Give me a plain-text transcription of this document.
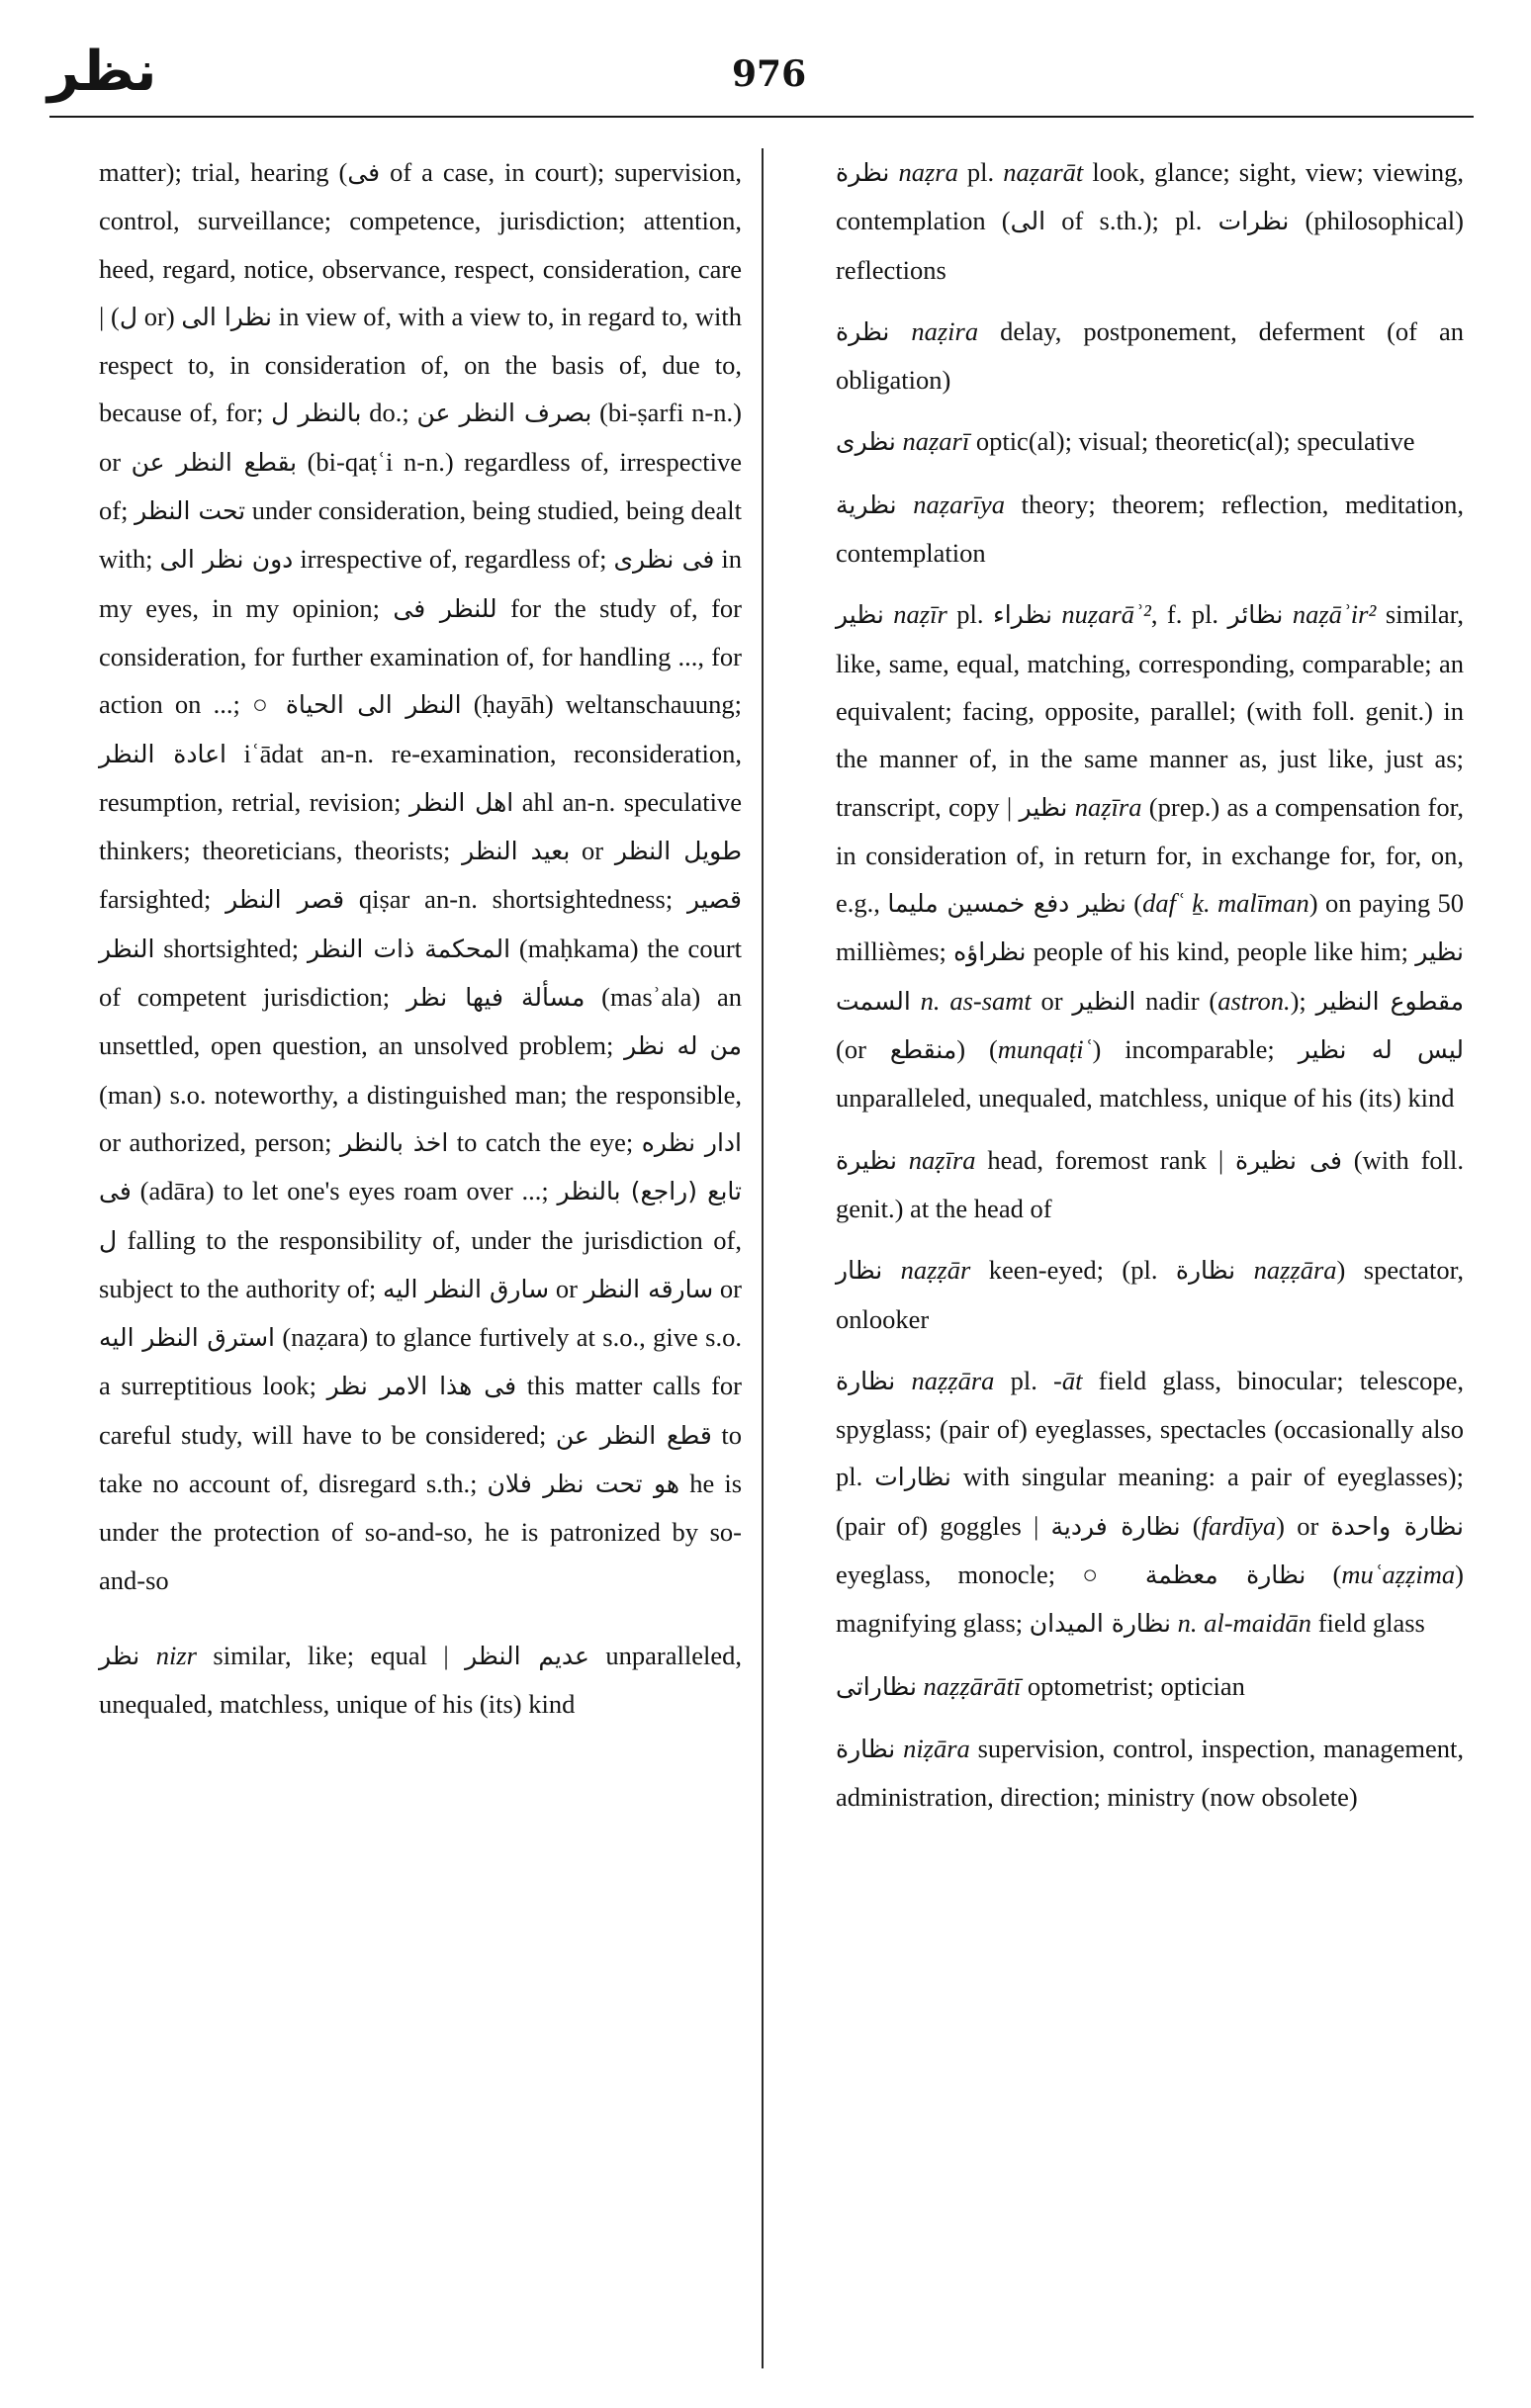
نظر	976

matter); trial, hearing (ﻓﻰ of a case, in court); supervision, control, surveillance; competence, jurisdiction; attention, heed, regard, notice, observance, respect, consideration, care | (ل or) ﻧﻈﺮا اﻟﻰ in view of, with a view to, in regard to, with respect to, in consideration of, on the basis of, due to, because of, for; ﺑﺎﻟﻨﻈﺮ ل do.; ﺑﺼﺮف اﻟﻨﻈﺮ ﻋﻦ (bi-ṣarfi n-n.) or ﺑﻘﻄﻊ اﻟﻨﻈﺮ ﻋﻦ (bi-qaṭʿi n-n.) regardless of, irrespective of; ﺗﺤﺖ اﻟﻨﻈﺮ under consideration, being studied, being dealt with; دون ﻧﻈﺮ اﻟﻰ irrespective of, regardless of; ﻓﻰ ﻧﻈﺮى in my eyes, in my opinion; ﻟﻠﻨﻈﺮ ﻓﻰ for the study of, for consideration, for further examination of, for handling ..., for action on ...; ○ اﻟﻨﻈﺮ اﻟﻰ اﻟﺤﻴﺎة (ḥayāh) weltanschauung; اﻋﺎدة اﻟﻨﻈﺮ iʿādat an-n. re-examination, reconsideration, resumption, retrial, revision; اﻫﻞ اﻟﻨﻈﺮ ahl an-n. speculative thinkers; theoreticians, theorists; ﺑﻌﻴﺪ اﻟﻨﻈﺮ or ﻃﻮﻳﻞ اﻟﻨﻈﺮ farsighted; ﻗﺼﺮ اﻟﻨﻈﺮ qiṣar an-n. shortsightedness; ﻗﺼﻴﺮ اﻟﻨﻈﺮ shortsighted; اﻟﻤﺤﻜﻤﺔ ذات اﻟﻨﻈﺮ (maḥkama) the court of competent jurisdiction; ﻣﺴﺄﻟﺔ ﻓﻴﻬﺎ ﻧﻈﺮ (masʾala) an unsettled, open question, an unsolved problem; ﻣﻦ ﻟﻪ ﻧﻈﺮ (man) s.o. noteworthy, a distinguished man; the responsible, or authorized, person; اﺧﺬ ﺑﺎﻟﻨﻈﺮ to catch the eye; ادار ﻧﻈﺮه ﻓﻰ (adāra) to let one's eyes roam over ...; ﺗﺎﺑﻊ (راﺟﻊ) ﺑﺎﻟﻨﻈﺮ ل falling to the responsibility of, under the jurisdiction of, subject to the authority of; ﺳﺎرق اﻟﻨﻈﺮ اﻟﻴﻪ or ﺳﺎرﻗﻪ اﻟﻨﻈﺮ or اﺳﺘﺮق اﻟﻨﻈﺮ اﻟﻴﻪ (naẓara) to glance furtively at s.o., give s.o. a surreptitious look; ﻓﻰ ﻫﺬا اﻻﻣﺮ ﻧﻈﺮ this matter calls for careful study, will have to be considered; ﻗﻄﻊ اﻟﻨﻈﺮ ﻋﻦ to take no account of, disregard s.th.; ﻫﻮ ﺗﺤﺖ ﻧﻈﺮ ﻓﻼن he is under the protection of so-and-so, he is patronized by so-and-so

ﻧﻈﺮ nizr similar, like; equal | ﻋﺪﻳﻢ اﻟﻨﻈﺮ unparalleled, unequaled, matchless, unique of his (its) kind

ﻧﻈﺮة naẓra pl. naẓarāt look, glance; sight, view; viewing, contemplation (اﻟﻰ of s.th.); pl. ﻧﻈﺮات (philosophical) reflections

ﻧﻈﺮة naẓira delay, postponement, deferment (of an obligation)

ﻧﻈﺮى naẓarī optic(al); visual; theoretic(al); speculative

ﻧﻈﺮﻳﺔ naẓarīya theory; theorem; reflection, meditation, contemplation

ﻧﻈﻴﺮ naẓīr pl. ﻧﻈﺮاء nuẓarāʾ², f. pl. ﻧﻈﺎﺋﺮ naẓāʾir² similar, like, same, equal, matching, corresponding, comparable; an equivalent; facing, opposite, parallel; (with foll. genit.) in the manner of, in the same manner as, just like, just as; transcript, copy | ﻧﻈﻴﺮ naẓīra (prep.) as a compensation for, in consideration of, in return for, in exchange for, for, on, e.g., ﻧﻈﻴﺮ دﻓﻊ ﺧﻤﺴﻴﻦ ﻣﻠﻴﻤﺎ (dafʿ ḵ. malīman) on paying 50 millièmes; ﻧﻈﺮاؤه people of his kind, people like him; ﻧﻈﻴﺮ اﻟﺴﻤﺖ n. as-samt or اﻟﻨﻈﻴﺮ nadir (astron.); ﻣﻘﻄﻮع اﻟﻨﻈﻴﺮ (or ﻣﻨﻘﻄﻊ) (munqaṭiʿ) incomparable; ﻟﻴﺲ ﻟﻪ ﻧﻈﻴﺮ unparalleled, unequaled, matchless, unique of his (its) kind

ﻧﻈﻴﺮة naẓīra head, foremost rank | ﻓﻰ ﻧﻈﻴﺮة (with foll. genit.) at the head of

ﻧﻈﺎر naẓẓār keen-eyed; (pl. ﻧﻈﺎرة naẓẓāra) spectator, onlooker

ﻧﻈﺎرة naẓẓāra pl. -āt field glass, binocular; telescope, spyglass; (pair of) eyeglasses, spectacles (occasionally also pl. ﻧﻈﺎرات with singular meaning: a pair of eyeglasses); (pair of) goggles | ﻧﻈﺎرة ﻓﺮدﻳﺔ (fardīya) or ﻧﻈﺎرة واﺣﺪة eyeglass, monocle; ○ ﻧﻈﺎرة ﻣﻌﻈﻤﺔ (muʿaẓẓima) magnifying glass; ﻧﻈﺎرة اﻟﻤﻴﺪان n. al-maidān field glass

ﻧﻈﺎراﺗﻰ naẓẓārātī optometrist; optician

ﻧﻈﺎرة niẓāra supervision, control, inspection, management, administration, direction; ministry (now obsolete)
